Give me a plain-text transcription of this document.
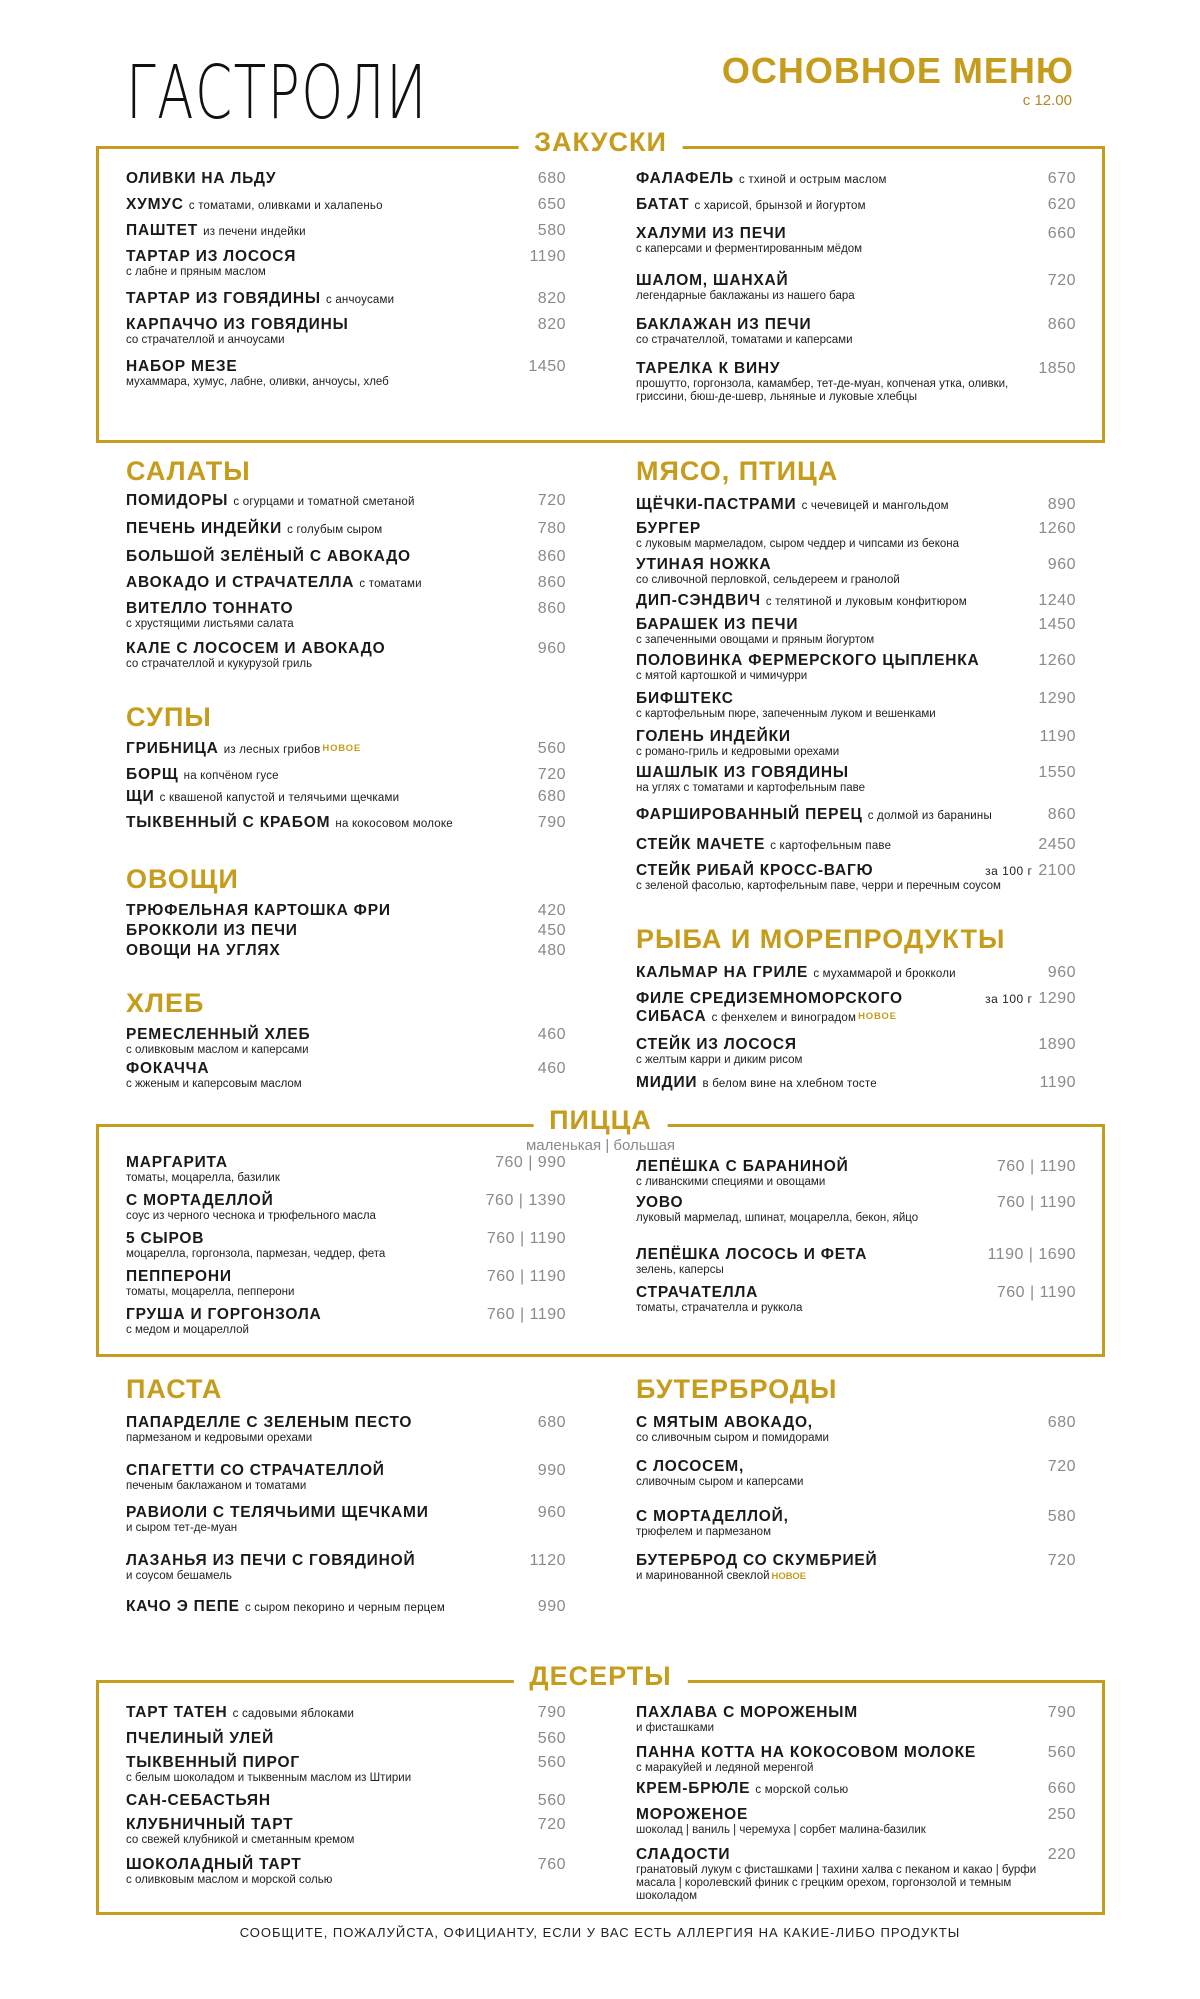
ГАСТРОЛИ	ОСНОВНОЕ МЕНЮ
с 12.00
ЗАКУСКИ
ОЛИВКИ НА ЛЬДУ	680
ХУМУС с томатами, оливками и халапеньо	650
ПАШТЕТ из печени индейки	580
ТАРТАР ИЗ ЛОСОСЯ
с лабне и пряным маслом
1190
ТАРТАР ИЗ ГОВЯДИНЫ с анчоусами	820
КАРПАЧЧО ИЗ ГОВЯДИНЫ
со страчателлой и анчоусами
820
НАБОР МЕЗЕ
мухаммара, хумус, лабне, оливки, анчоусы, хлеб
1450
ФАЛАФЕЛЬ с тхиной и острым маслом	670
БАТАТ с харисой, брынзой и йогуртом	620
ХАЛУМИ ИЗ ПЕЧИ
с каперсами и ферментированным мёдом
660
ШАЛОМ, ШАНХАЙ
легендарные баклажаны из нашего бара
720
БАКЛАЖАН ИЗ ПЕЧИ
со страчателлой, томатами и каперсами
860
ТАРЕЛКА К ВИНУ
прошутто, горгонзола, камамбер, тет-де-муан, копченая утка, оливки, гриссини, бюш-де-шевр, льняные и луковые хлебцы
1850
САЛАТЫ
ПОМИДОРЫ с огурцами и томатной сметаной	720
ПЕЧЕНЬ ИНДЕЙКИ с голубым сыром	780
БОЛЬШОЙ ЗЕЛЁНЫЙ С АВОКАДО	860
АВОКАДО И СТРАЧАТЕЛЛА с томатами	860
ВИТЕЛЛО ТОННАТО
с хрустящими листьями салата
860
КАЛЕ С ЛОСОСЕМ И АВОКАДО
со страчателлой и кукурузой гриль
960
СУПЫ
ГРИБНИЦА из лесных грибов $^{НОВОЕ}$	560
БОРЩ на копчёном гусе	720
ЩИ с квашеной капустой и телячьими щечками	680
ТЫКВЕННЫЙ С КРАБОМ на кокосовом молоке	790
ОВОЩИ
ТРЮФЕЛЬНАЯ КАРТОШКА ФРИ	420
БРОККОЛИ ИЗ ПЕЧИ	450
ОВОЩИ НА УГЛЯХ	480
ХЛЕБ
РЕМЕСЛЕННЫЙ ХЛЕБ
с оливковым маслом и каперсами
460
ФОКАЧЧА
с жженым и каперсовым маслом
460
МЯСО, ПТИЦА
ЩЁЧКИ-ПАСТРАМИ с чечевицей и мангольдом	890
БУРГЕР
с луковым мармеладом, сыром чеддер и чипсами из бекона
1260
УТИНАЯ НОЖКА
со сливочной перловкой, сельдереем и гранолой
960
ДИП-СЭНДВИЧ с телятиной и луковым конфитюром	1240
БАРАШЕК ИЗ ПЕЧИ
с запеченными овощами и пряным йогуртом
1450
ПОЛОВИНКА ФЕРМЕРСКОГО ЦЫПЛЕНКА
с мятой картошкой и чимичурри
1260
БИФШТЕКС
с картофельным пюре, запеченным луком и вешенками
1290
ГОЛЕНЬ ИНДЕЙКИ
с романо-гриль и кедровыми орехами
1190
ШАШЛЫК ИЗ ГОВЯДИНЫ
на углях с томатами и картофельным паве
1550
ФАРШИРОВАННЫЙ ПЕРЕЦ с долмой из баранины	860
СТЕЙК МАЧЕТЕ с картофельным паве	2450
СТЕЙК РИБАЙ КРОСС-ВАГЮ
с зеленой фасолью, картофельным паве, черри и перечным соусом
за 100 г 2100
РЫБА И МОРЕПРОДУКТЫ
КАЛЬМАР НА ГРИЛЕ с мухаммарой и брокколи	960
ФИЛЕ СРЕДИЗЕМНОМОРСКОГО
СИБАСА с фенхелем и виноградом $^{НОВОЕ}$
за 100 г 1290
СТЕЙК ИЗ ЛОСОСЯ
с желтым карри и диким рисом
1890
МИДИИ в белом вине на хлебном тосте	1190
ПИЦЦА
маленькая | большая
МАРГАРИТА
томаты, моцарелла, базилик
760 | 990
С МОРТАДЕЛЛОЙ
соус из черного чеснока и трюфельного масла
760 | 1390
5 СЫРОВ
моцарелла, горгонзола, пармезан, чеддер, фета
760 | 1190
ПЕППЕРОНИ
томаты, моцарелла, пепперони
760 | 1190
ГРУША И ГОРГОНЗОЛА
с медом и моцареллой
760 | 1190
ЛЕПЁШКА С БАРАНИНОЙ
с ливанскими специями и овощами
760 | 1190
УОВО
луковый мармелад, шпинат, моцарелла, бекон, яйцо
760 | 1190
ЛЕПЁШКА ЛОСОСЬ И ФЕТА
зелень, каперсы
1190 | 1690
СТРАЧАТЕЛЛА
томаты, страчателла и руккола
760 | 1190
ПАСТА
ПАПАРДЕЛЛЕ С ЗЕЛЕНЫМ ПЕСТО
пармезаном и кедровыми орехами
680
СПАГЕТТИ СО СТРАЧАТЕЛЛОЙ
печеным баклажаном и томатами
990
РАВИОЛИ С ТЕЛЯЧЬИМИ ЩЕЧКАМИ
и сыром тет-де-муан
960
ЛАЗАНЬЯ ИЗ ПЕЧИ С ГОВЯДИНОЙ
и соусом бешамель
1120
КАЧО Э ПЕПЕ с сыром пекорино и черным перцем	990
БУТЕРБРОДЫ
С МЯТЫМ АВОКАДО,
со сливочным сыром и помидорами
680
С ЛОСОСЕМ,
сливочным сыром и каперсами
720
С МОРТАДЕЛЛОЙ,
трюфелем и пармезаном
580
БУТЕРБРОД СО СКУМБРИЕЙ
и маринованной свеклой $^{НОВОЕ}$
720
ДЕСЕРТЫ
ТАРТ ТАТЕН с садовыми яблоками	790
ПЧЕЛИНЫЙ УЛЕЙ	560
ТЫКВЕННЫЙ ПИРОГ
с белым шоколадом и тыквенным маслом из Штирии
560
САН-СЕБАСТЬЯН	560
КЛУБНИЧНЫЙ ТАРТ
со свежей клубникой и сметанным кремом
720
ШОКОЛАДНЫЙ ТАРТ
с оливковым маслом и морской солью
760
ПАХЛАВА С МОРОЖЕНЫМ
и фисташками
790
ПАННА КОТТА НА КОКОСОВОМ МОЛОКЕ
с маракуйей и ледяной меренгой
560
КРЕМ-БРЮЛЕ с морской солью	660
МОРОЖЕНОЕ
шоколад | ваниль | черемуха | сорбет малина-базилик
250
СЛАДОСТИ
гранатовый лукум с фисташками | тахини халва с пеканом и какао | бурфи масала | королевский финик с грецким орехом, горгонзолой и темным шоколадом
220
СООБЩИТЕ, ПОЖАЛУЙСТА, ОФИЦИАНТУ, ЕСЛИ У ВАС ЕСТЬ АЛЛЕРГИЯ НА КАКИЕ-ЛИБО ПРОДУКТЫ
